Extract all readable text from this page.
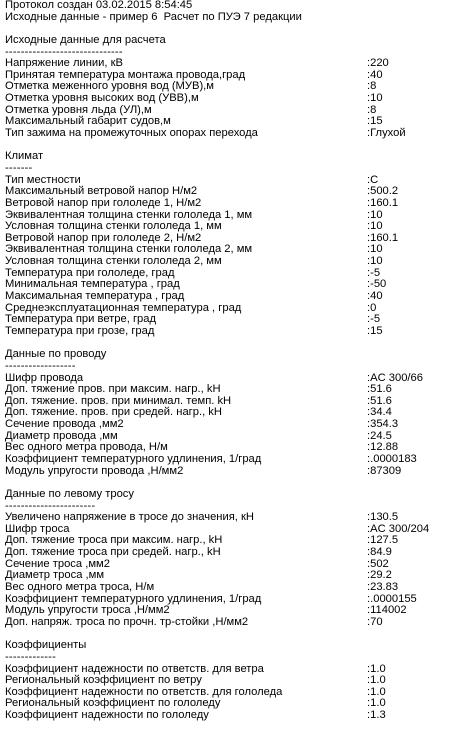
Протокол создан 03.02.2015 8:54:45
Исходные данные - пример 6  Расчет по ПУЭ 7 редакции
Исходные данные для расчета
------------------------------
Напряжение линии, кВ	:220
Принятая температура монтажа провода,град	:40
Отметка меженного уровня вод (МУВ),м	:8
Отметка уровня высоких вод (УВВ),м	:10
Отметка уровня льда (УЛ),м	:8
Максимальный габарит судов,м	:15
Тип зажима на промежуточных опорах перехода	:Глухой
Климат
-------
Тип местности	:C
Максимальный ветровой напор Н/м2	:500.2
Ветровой напор при гололеде 1, Н/м2	:160.1
Эквивалентная толщина стенки гололеда 1, мм	:10
Условная толщина стенки гололеда 1, мм	:10
Ветровой напор при гололеде 2, Н/м2	:160.1
Эквивалентная толщина стенки гололеда 2, мм	:10
Условная толщина стенки гололеда 2, мм	:10
Температура при гололеде, град	:-5
Минимальная температура , град	:-50
Максимальная температура , град	:40
Среднеэксплуатационная температура , град	:0
Температура при ветре, град	:-5
Температура при грозе, град	:15
Данные по проводу
------------------
Шифр провода	:AC 300/66
Доп. тяжение пров. при максим. нагр., kH	:51.6
Доп. тяжение. пров. при минимал. темп. kH	:51.6
Доп. тяжение. пров. при средей. нагр., kH	:34.4
Сечение провода ,мм2	:354.3
Диаметр провода ,мм	:24.5
Вес одного метра провода, Н/м	:12.88
Коэффициент температурного удлинения, 1/град	:.0000183
Модуль упругости провода ,Н/мм2	:87309
Данные по левому тросу
-----------------------
Увеличено напряжение в тросе до значения, кН	:130.5
Шифр троса	:AC 300/204
Доп. тяжение троса при максим. нагр., kH	:127.5
Доп. тяжение троса при средей. нагр., kH	:84.9
Сечение троса ,мм2	:502
Диаметр троса ,мм	:29.2
Вес одного метра троса, Н/м	:23.83
Коэффициент температурного удлинения, 1/град	:.0000155
Модуль упругости троса ,Н/мм2	:114002
Доп. напряж. троса по прочн. тр-стойки ,Н/мм2	:70
Коэффициенты
-------------
Коэффициент надежности по ответств. для ветра	:1.0
Региональный коэффициент по ветру	:1.0
Коэффициент надежности по ответств. для гололеда	:1.0
Региональный коэффициент по гололеду	:1.0
Коэффициент надежности по гололеду	:1.3
